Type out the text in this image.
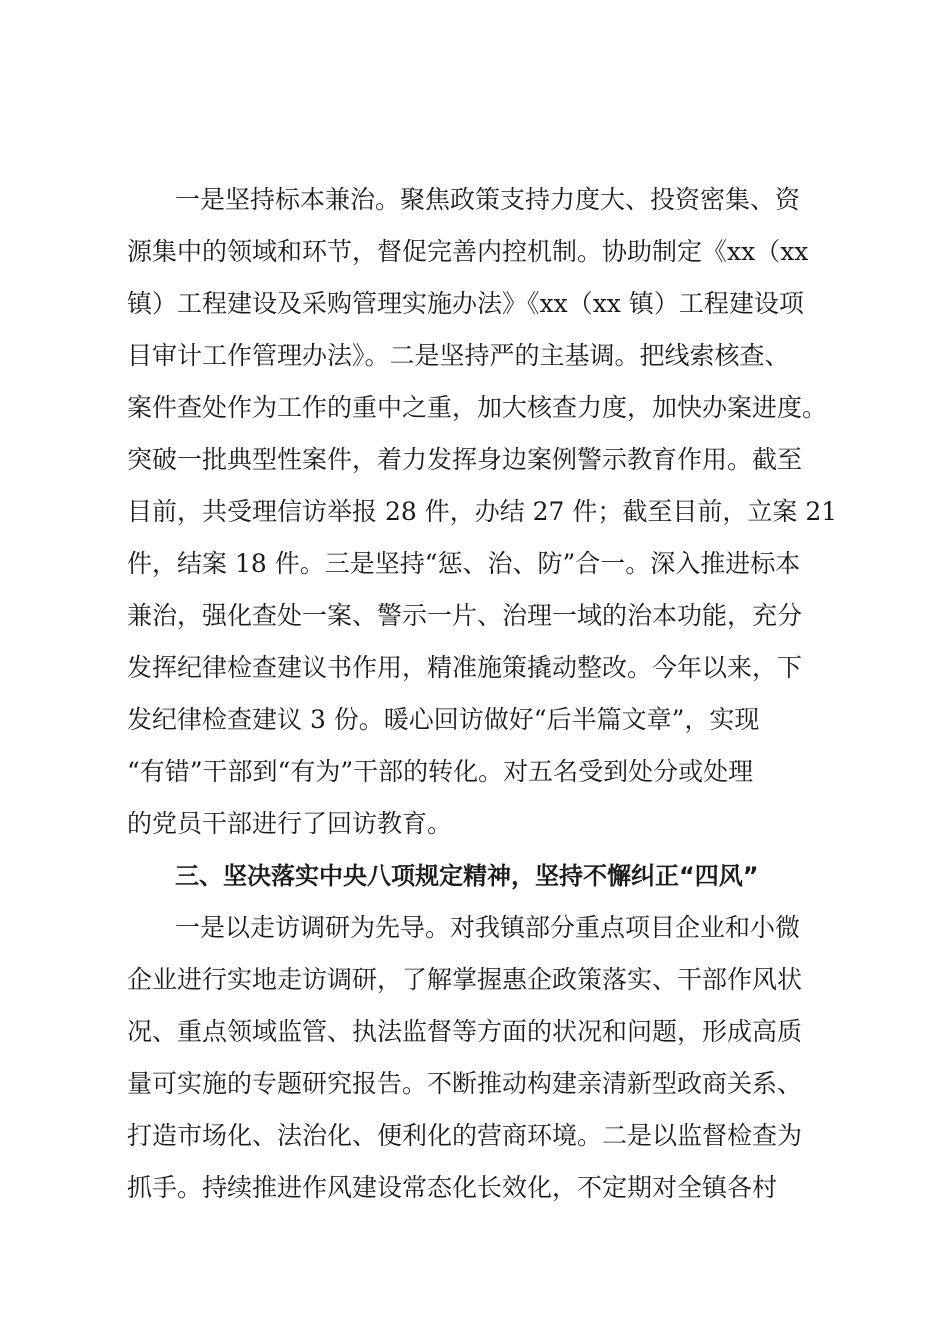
一是坚持标本兼治。聚焦政策支持力度大、投资密集、资

源集中的领域和环节，督促完善内控机制。协助制定《xx（xx

镇）工程建设及采购管理实施办法》《xx（xx 镇）工程建设项

目审计工作管理办法》。二是坚持严的主基调。把线索核查、

案件查处作为工作的重中之重，加大核查力度，加快办案进度。

突破一批典型性案件，着力发挥身边案例警示教育作用。截至

目前，共受理信访举报 28 件，办结 27 件；截至目前，立案 21

件，结案 18 件。三是坚持“惩、治、防”合一。深入推进标本

兼治，强化查处一案、警示一片、治理一域的治本功能，充分

发挥纪律检查建议书作用，精准施策撬动整改。今年以来，下

发纪律检查建议 3 份。暖心回访做好“后半篇文章”，实现

“有错”干部到“有为”干部的转化。对五名受到处分或处理

的党员干部进行了回访教育。

三、坚决落实中央八项规定精神，坚持不懈纠正“四风”

一是以走访调研为先导。对我镇部分重点项目企业和小微

企业进行实地走访调研，了解掌握惠企政策落实、干部作风状

况、重点领域监管、执法监督等方面的状况和问题，形成高质

量可实施的专题研究报告。不断推动构建亲清新型政商关系、

打造市场化、法治化、便利化的营商环境。二是以监督检查为

抓手。持续推进作风建设常态化长效化，不定期对全镇各村
